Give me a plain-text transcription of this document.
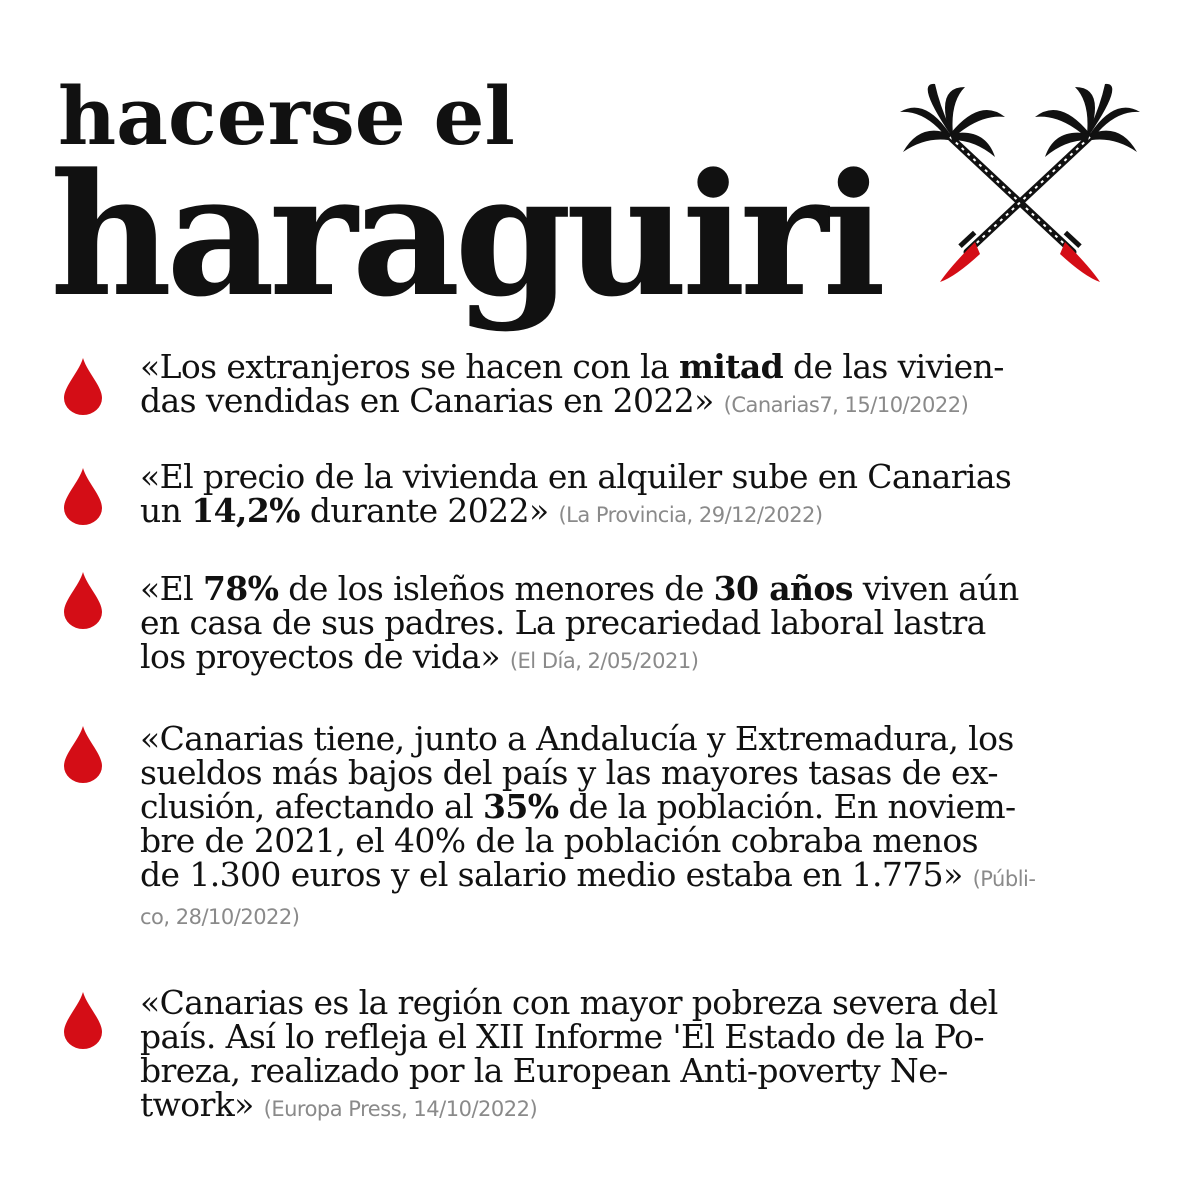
hacerse el
haraguiri

«Los extranjeros se hacen con la mitad de las vivien-
das vendidas en Canarias en 2022» (Canarias7, 15/10/2022)

«El precio de la vivienda en alquiler sube en Canarias
un 14,2% durante 2022» (La Provincia, 29/12/2022)

«El 78% de los isleños menores de 30 años viven aún
en casa de sus padres. La precariedad laboral lastra
los proyectos de vida» (El Día, 2/05/2021)

«Canarias tiene, junto a Andalucía y Extremadura, los
sueldos más bajos del país y las mayores tasas de ex-
clusión, afectando al 35% de la población. En noviem-
bre de 2021, el 40% de la población cobraba menos
de 1.300 euros y el salario medio estaba en 1.775» (Públi-
co, 28/10/2022)

«Canarias es la región con mayor pobreza severa del
país. Así lo refleja el XII Informe 'El Estado de la Po-
breza, realizado por la European Anti-poverty Ne-
twork» (Europa Press, 14/10/2022)
